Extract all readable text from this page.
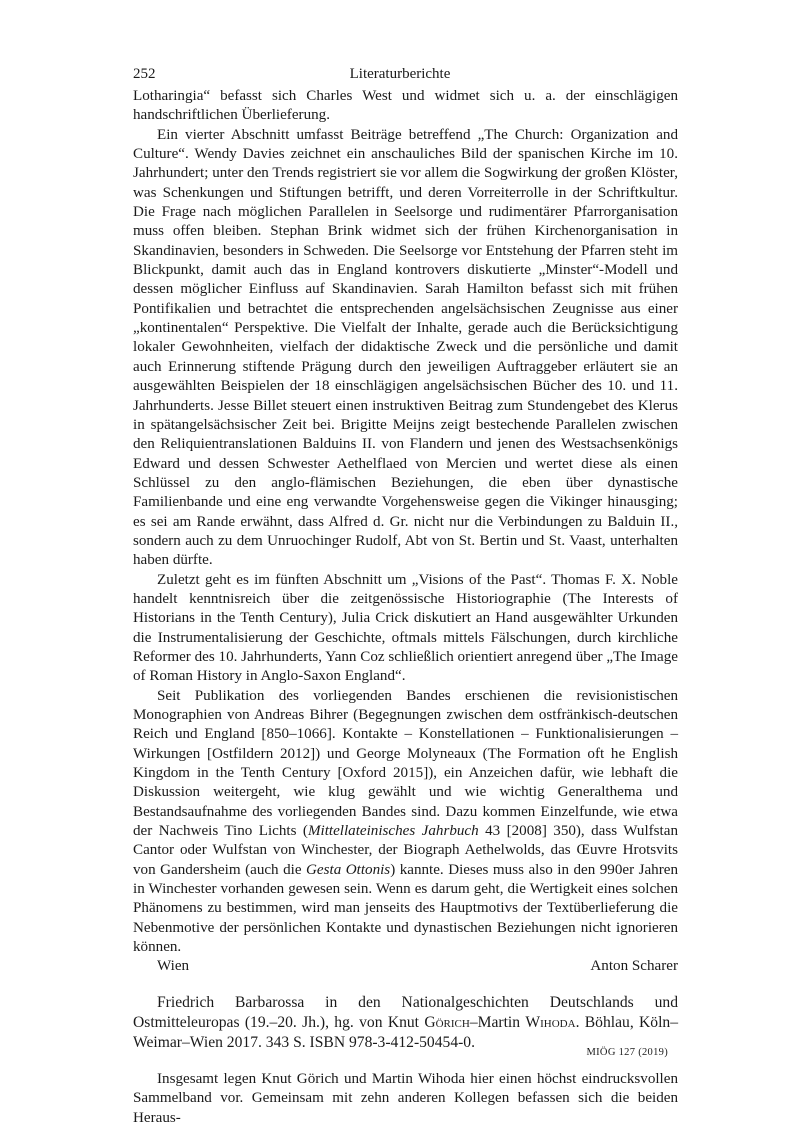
252	Literaturberichte

Lotharingia“ befasst sich Charles West und widmet sich u. a. der einschlägigen handschriftlichen Überlieferung.

Ein vierter Abschnitt umfasst Beiträge betreffend „The Church: Organization and Culture“. Wendy Davies zeichnet ein anschauliches Bild der spanischen Kirche im 10. Jahrhundert; unter den Trends registriert sie vor allem die Sogwirkung der großen Klöster, was Schenkungen und Stiftungen betrifft, und deren Vorreiterrolle in der Schriftkultur. Die Frage nach möglichen Parallelen in Seelsorge und rudimentärer Pfarrorganisation muss offen bleiben. Stephan Brink widmet sich der frühen Kirchenorganisation in Skandinavien, besonders in Schweden. Die Seelsorge vor Entstehung der Pfarren steht im Blickpunkt, damit auch das in England kontrovers diskutierte „Minster“-Modell und dessen möglicher Einfluss auf Skandinavien. Sarah Hamilton befasst sich mit frühen Pontifikalien und betrachtet die entsprechenden angelsächsischen Zeugnisse aus einer „kontinentalen“ Perspektive. Die Vielfalt der Inhalte, gerade auch die Berücksichtigung lokaler Gewohnheiten, vielfach der didaktische Zweck und die persönliche und damit auch Erinnerung stiftende Prägung durch den jeweiligen Auftraggeber erläutert sie an ausgewählten Beispielen der 18 einschlägigen angelsächsischen Bücher des 10. und 11. Jahrhunderts. Jesse Billet steuert einen instruktiven Beitrag zum Stundengebet des Klerus in spätangelsächsischer Zeit bei. Brigitte Meijns zeigt bestechende Parallelen zwischen den Reliquientranslationen Balduins II. von Flandern und jenen des Westsachsenkönigs Edward und dessen Schwester Aethelflaed von Mercien und wertet diese als einen Schlüssel zu den anglo-flämischen Beziehungen, die eben über dynastische Familienbande und eine eng verwandte Vorgehensweise gegen die Vikinger hinausging; es sei am Rande erwähnt, dass Alfred d. Gr. nicht nur die Verbindungen zu Balduin II., sondern auch zu dem Unruochinger Rudolf, Abt von St. Bertin und St. Vaast, unterhalten haben dürfte.

Zuletzt geht es im fünften Abschnitt um „Visions of the Past“. Thomas F. X. Noble handelt kenntnisreich über die zeitgenössische Historiographie (The Interests of Historians in the Tenth Century), Julia Crick diskutiert an Hand ausgewählter Urkunden die Instrumentalisierung der Geschichte, oftmals mittels Fälschungen, durch kirchliche Reformer des 10. Jahrhunderts, Yann Coz schließlich orientiert anregend über „The Image of Roman History in Anglo-Saxon England“.

Seit Publikation des vorliegenden Bandes erschienen die revisionistischen Monographien von Andreas Bihrer (Begegnungen zwischen dem ostfränkisch-deutschen Reich und England [850–1066]. Kontakte – Konstellationen – Funktionalisierungen – Wirkungen [Ostfildern 2012]) und George Molyneaux (The Formation oft he English Kingdom in the Tenth Century [Oxford 2015]), ein Anzeichen dafür, wie lebhaft die Diskussion weitergeht, wie klug gewählt und wie wichtig Generalthema und Bestandsaufnahme des vorliegenden Bandes sind. Dazu kommen Einzelfunde, wie etwa der Nachweis Tino Lichts (Mittellateinisches Jahrbuch 43 [2008] 350), dass Wulfstan Cantor oder Wulfstan von Winchester, der Biograph Aethelwolds, das Œuvre Hrotsvits von Gandersheim (auch die Gesta Ottonis) kannte. Dieses muss also in den 990er Jahren in Winchester vorhanden gewesen sein. Wenn es darum geht, die Wertigkeit eines solchen Phänomens zu bestimmen, wird man jenseits des Hauptmotivs der Textüberlieferung die Nebenmotive der persönlichen Kontakte und dynastischen Beziehungen nicht ignorieren können.

Wien	Anton Scharer

Friedrich Barbarossa in den Nationalgeschichten Deutschlands und Ostmitteleuropas (19.–20. Jh.), hg. von Knut Görich–Martin Wihoda. Böhlau, Köln–Weimar–Wien 2017. 343 S. ISBN 978-3-412-50454-0.

Insgesamt legen Knut Görich und Martin Wihoda hier einen höchst eindrucksvollen Sammelband vor. Gemeinsam mit zehn anderen Kollegen befassen sich die beiden Heraus-

MIÖG 127 (2019)
